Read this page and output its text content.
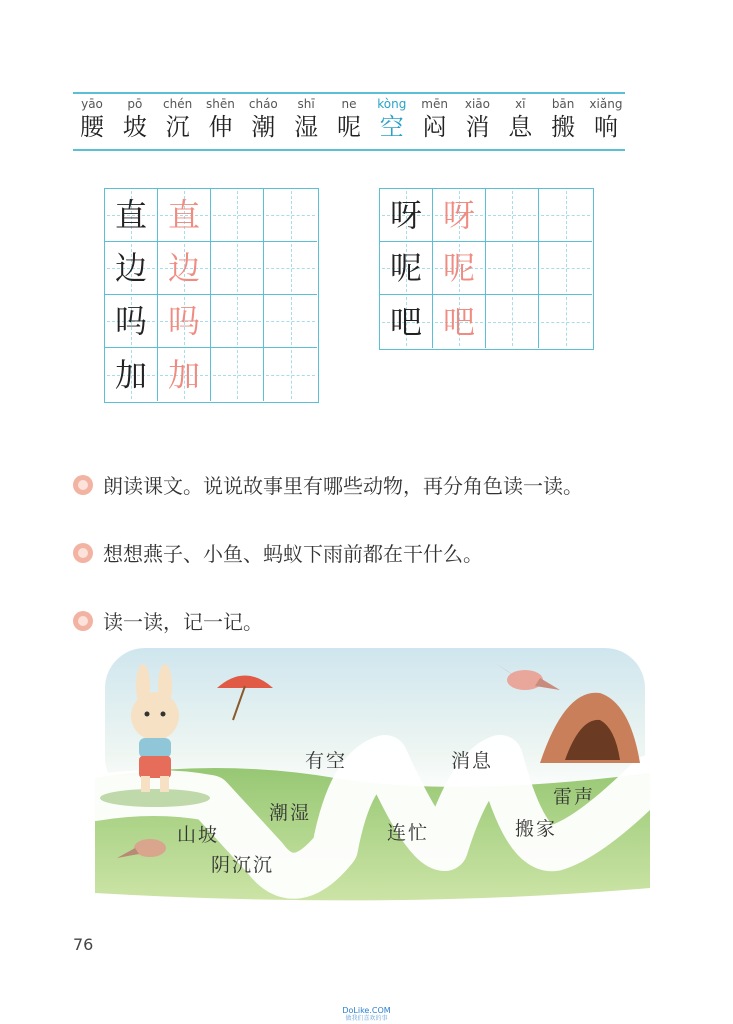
yāo
腰
pō
坡
chén
沉
shēn
伸
cháo
潮
shī
湿
ne
呢
kòng
空
mēn
闷
xiāo
消
xī
息
bān
搬
xiǎng
响
直 直
边 边
吗 吗
加 加
呀 呀
呢 呢
吧 吧
朗读课文。说说故事里有哪些动物，再分角色读一读。
想想燕子、小鱼、蚂蚁下雨前都在干什么。
读一读，记一记。
有空	消息
潮湿
雷声
山坡	连忙	搬家
阴沉沉
76
DoLike.COM
做我们喜欢的事
